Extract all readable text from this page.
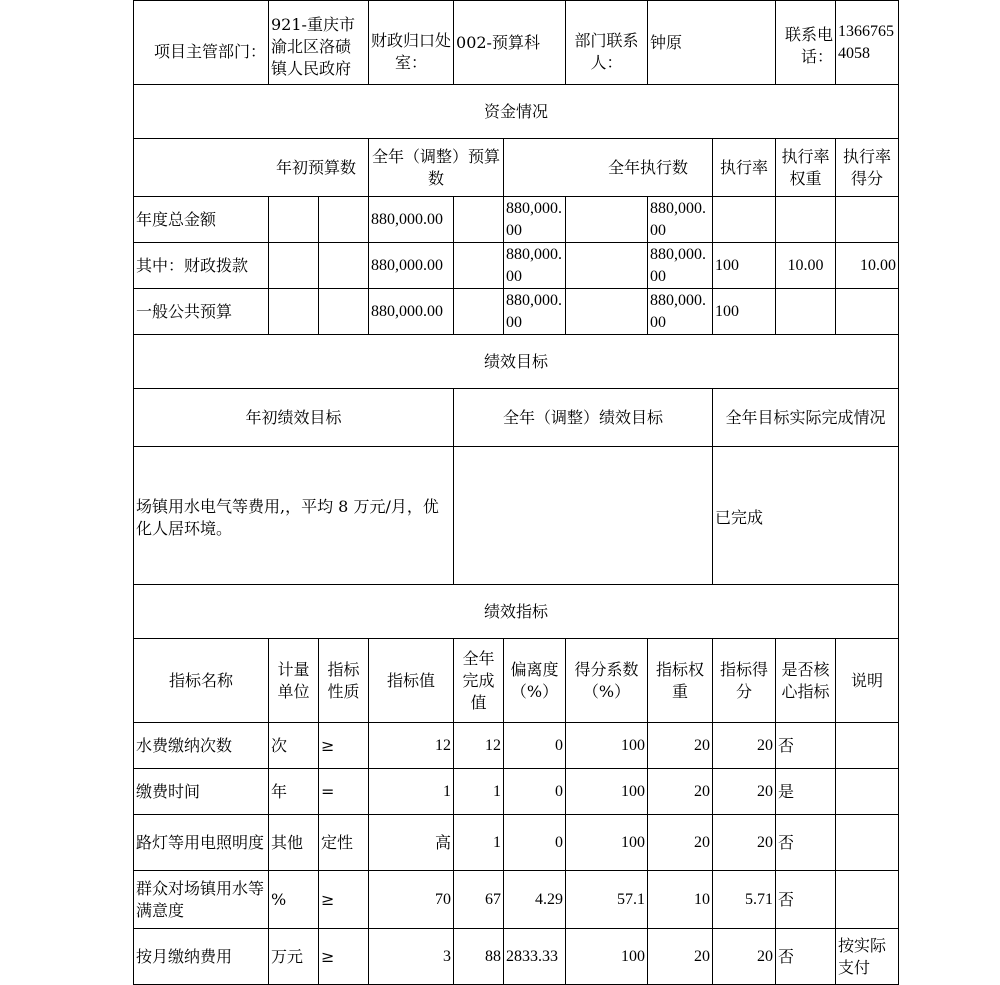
项目主管部门：	921-重庆市渝北区洛碛镇人民政府		财政归口处室：	002-预算科		部门联系人：	钟原		联系电话：	13667654058
资金情况										
年初预算数			全年（调整）预算数		全年执行数			执行率	执行率权重	执行率得分
年度总金额			880,000.00		880,000.00		880,000.00			
其中：财政拨款			880,000.00		880,000.00		880,000.00	100	10.00	10.00
一般公共预算			880,000.00		880,000.00		880,000.00	100		
绩效目标										
年初绩效目标				全年（调整）绩效目标				全年目标实际完成情况		
场镇用水电气等费用,，平均 8 万元/月，优化人居环境。								已完成		
绩效指标										
指标名称	计量单位	指标性质	指标值	全年完成值	偏离度（%）	得分系数（%）	指标权重	指标得分	是否核心指标	说明
水费缴纳次数	次	≥	12	12	0	100	20	20	否	
缴费时间	年	=	1	1	0	100	20	20	是	
路灯等用电照明度	其他	定性	高	1	0	100	20	20	否	
群众对场镇用水等满意度	%	≥	70	67	4.29	57.1	10	5.71	否	
按月缴纳费用	万元	≥	3	88	2833.33	100	20	20	否	按实际支付
